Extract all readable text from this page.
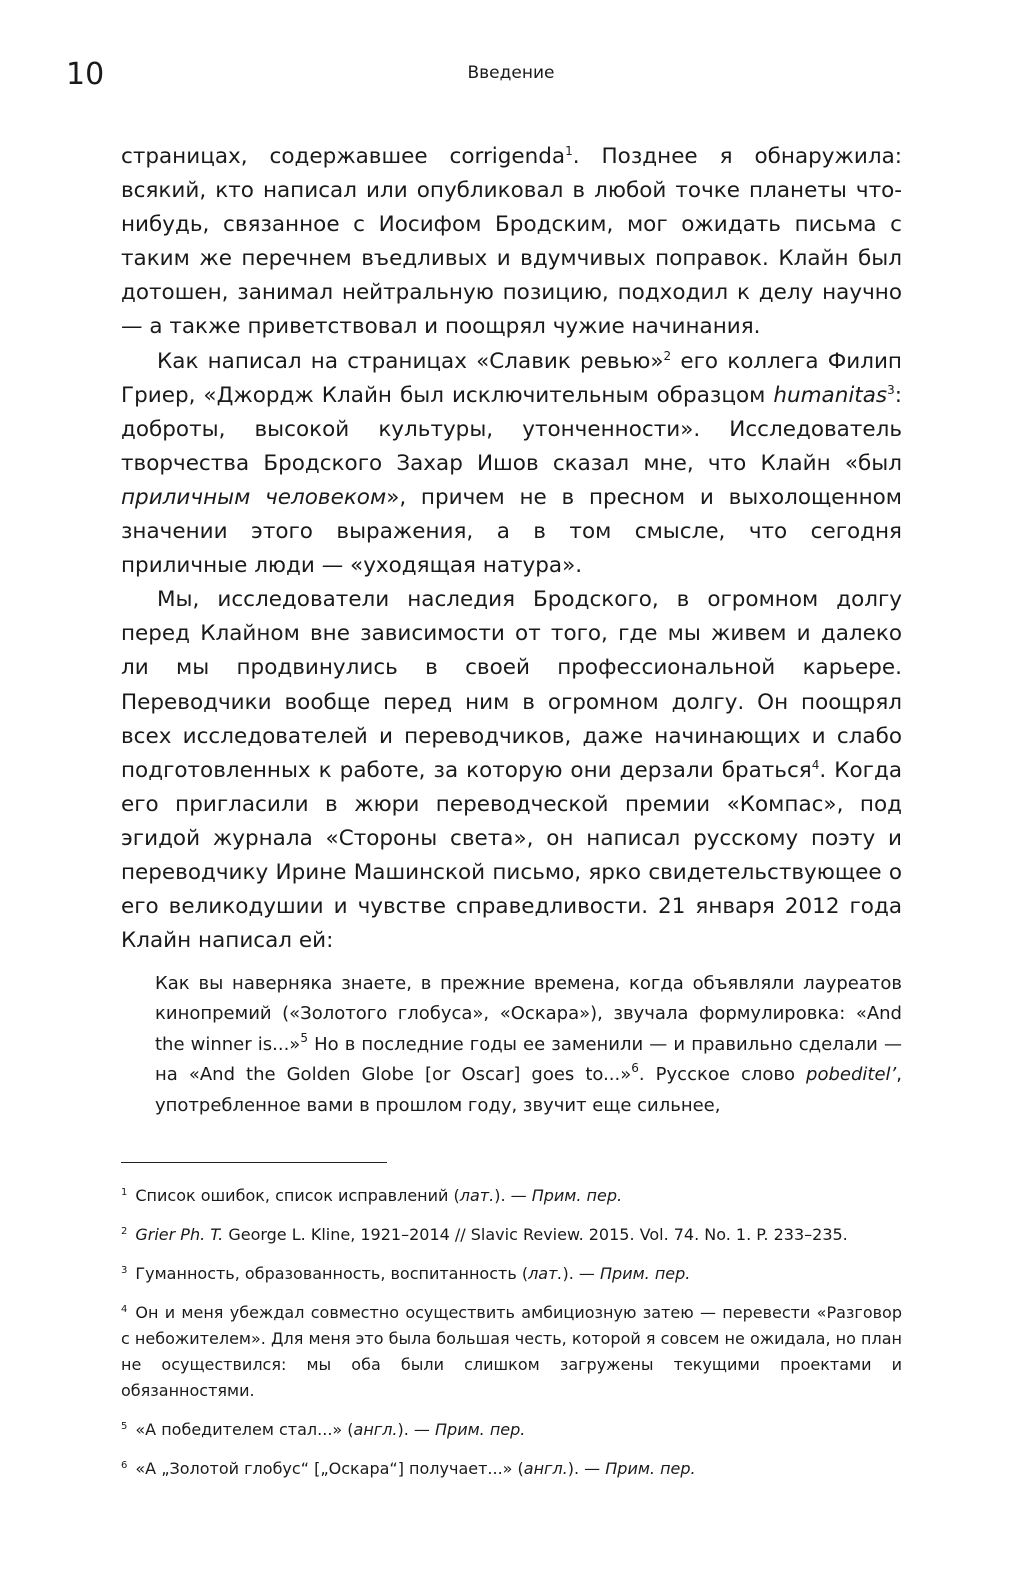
10	Введение

страницах, содержавшее corrigenda$^1$. Позднее я обнаружила: всякий, кто написал или опубликовал в любой точке планеты что-нибудь, связанное с Иосифом Бродским, мог ожидать письма с таким же перечнем въедливых и вдумчивых поправок. Клайн был дотошен, занимал нейтральную позицию, подходил к делу научно — а также приветствовал и поощрял чужие начинания.

Как написал на страницах «Славик ревью»$^2$ его коллега Филип Гриер, «Джордж Клайн был исключительным образцом humanitas$^3$: доброты, высокой культуры, утонченности». Исследователь творчества Бродского Захар Ишов сказал мне, что Клайн «был приличным человеком», причем не в пресном и выхолощенном значении этого выражения, а в том смысле, что сегодня приличные люди — «уходящая натура».

Мы, исследователи наследия Бродского, в огромном долгу перед Клайном вне зависимости от того, где мы живем и далеко ли мы продвинулись в своей профессиональной карьере. Переводчики вообще перед ним в огромном долгу. Он поощрял всех исследователей и переводчиков, даже начинающих и слабо подготовленных к работе, за которую они дерзали браться$^4$. Когда его пригласили в жюри переводческой премии «Компас», под эгидой журнала «Стороны света», он написал русскому поэту и переводчику Ирине Машинской письмо, ярко свидетельствующее о его великодушии и чувстве справедливости. 21 января 2012 года Клайн написал ей:

Как вы наверняка знаете, в прежние времена, когда объявляли лауреатов кинопремий («Золотого глобуса», «Оскара»), звучала формулировка: «And the winner is...»$^5$ Но в последние годы ее заменили — и правильно сделали — на «And the Golden Globe [or Oscar] goes to...»$^6$. Русское слово pobeditel’, употребленное вами в прошлом году, звучит еще сильнее,

$^1$ Список ошибок, список исправлений (лат.). — Прим. пер.

$^2$ Grier Ph. T. George L. Kline, 1921–2014 // Slavic Review. 2015. Vol. 74. No. 1. P. 233–235.

$^3$ Гуманность, образованность, воспитанность (лат.). — Прим. пер.

$^4$ Он и меня убеждал совместно осуществить амбициозную затею — перевести «Разговор с небожителем». Для меня это была большая честь, которой я совсем не ожидала, но план не осуществился: мы оба были слишком загружены текущими проектами и обязанностями.

$^5$ «А победителем стал...» (англ.). — Прим. пер.

$^6$ «А „Золотой глобус“ [„Оскара“] получает...» (англ.). — Прим. пер.
